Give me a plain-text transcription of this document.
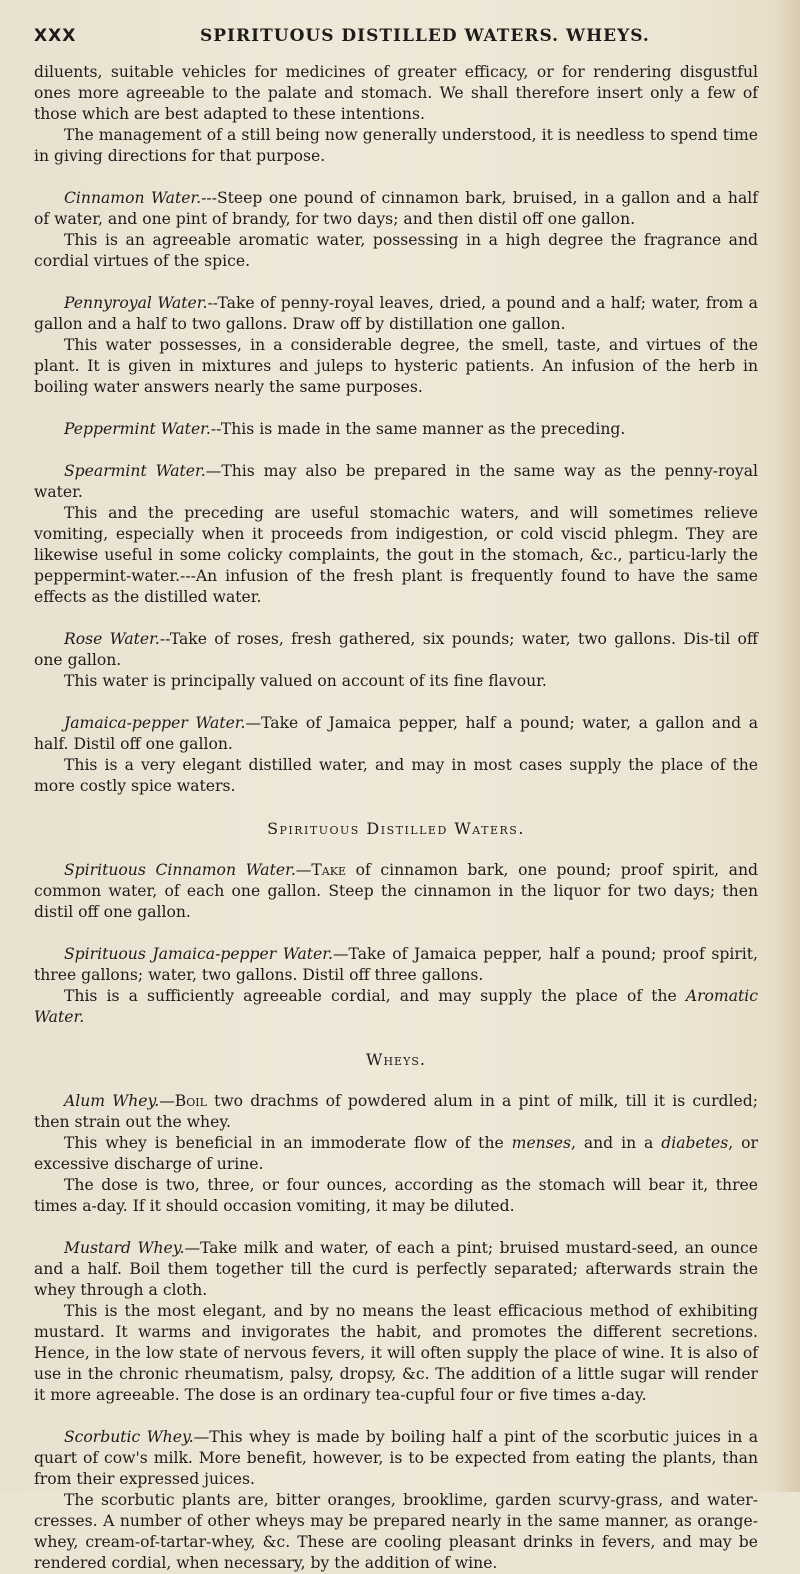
XXX	SPIRITUOUS DISTILLED WATERS. WHEYS.

diluents, suitable vehicles for medicines of greater efficacy, or for rendering disgustful ones more agreeable to the palate and stomach. We shall therefore insert only a few of those which are best adapted to these intentions.

The management of a still being now generally understood, it is needless to spend time in giving directions for that purpose.

Cinnamon Water.---Steep one pound of cinnamon bark, bruised, in a gallon and a half of water, and one pint of brandy, for two days; and then distil off one gallon.

This is an agreeable aromatic water, possessing in a high degree the fragrance and cordial virtues of the spice.

Pennyroyal Water.--Take of penny-royal leaves, dried, a pound and a half; water, from a gallon and a half to two gallons. Draw off by distillation one gallon.

This water possesses, in a considerable degree, the smell, taste, and virtues of the plant. It is given in mixtures and juleps to hysteric patients. An infusion of the herb in boiling water answers nearly the same purposes.

Peppermint Water.--This is made in the same manner as the preceding.

Spearmint Water.—This may also be prepared in the same way as the penny-royal water.

This and the preceding are useful stomachic waters, and will sometimes relieve vomiting, especially when it proceeds from indigestion, or cold viscid phlegm. They are likewise useful in some colicky complaints, the gout in the stomach, &c., particu-larly the peppermint-water.---An infusion of the fresh plant is frequently found to have the same effects as the distilled water.

Rose Water.--Take of roses, fresh gathered, six pounds; water, two gallons. Dis-til off one gallon.

This water is principally valued on account of its fine flavour.

Jamaica-pepper Water.—Take of Jamaica pepper, half a pound; water, a gallon and a half. Distil off one gallon.

This is a very elegant distilled water, and may in most cases supply the place of the more costly spice waters.

Spirituous Distilled Waters.

Spirituous Cinnamon Water.—Take of cinnamon bark, one pound; proof spirit, and common water, of each one gallon. Steep the cinnamon in the liquor for two days; then distil off one gallon.

Spirituous Jamaica-pepper Water.—Take of Jamaica pepper, half a pound; proof spirit, three gallons; water, two gallons. Distil off three gallons.

This is a sufficiently agreeable cordial, and may supply the place of the Aromatic Water.

Wheys.

Alum Whey.—Boil two drachms of powdered alum in a pint of milk, till it is curdled; then strain out the whey.

This whey is beneficial in an immoderate flow of the menses, and in a diabetes, or excessive discharge of urine.

The dose is two, three, or four ounces, according as the stomach will bear it, three times a-day. If it should occasion vomiting, it may be diluted.

Mustard Whey.—Take milk and water, of each a pint; bruised mustard-seed, an ounce and a half. Boil them together till the curd is perfectly separated; afterwards strain the whey through a cloth.

This is the most elegant, and by no means the least efficacious method of exhibiting mustard. It warms and invigorates the habit, and promotes the different secretions. Hence, in the low state of nervous fevers, it will often supply the place of wine. It is also of use in the chronic rheumatism, palsy, dropsy, &c. The addition of a little sugar will render it more agreeable. The dose is an ordinary tea-cupful four or five times a-day.

Scorbutic Whey.—This whey is made by boiling half a pint of the scorbutic juices in a quart of cow's milk. More benefit, however, is to be expected from eating the plants, than from their expressed juices.

The scorbutic plants are, bitter oranges, brooklime, garden scurvy-grass, and water-cresses. A number of other wheys may be prepared nearly in the same manner, as orange-whey, cream-of-tartar-whey, &c. These are cooling pleasant drinks in fevers, and may be rendered cordial, when necessary, by the addition of wine.
